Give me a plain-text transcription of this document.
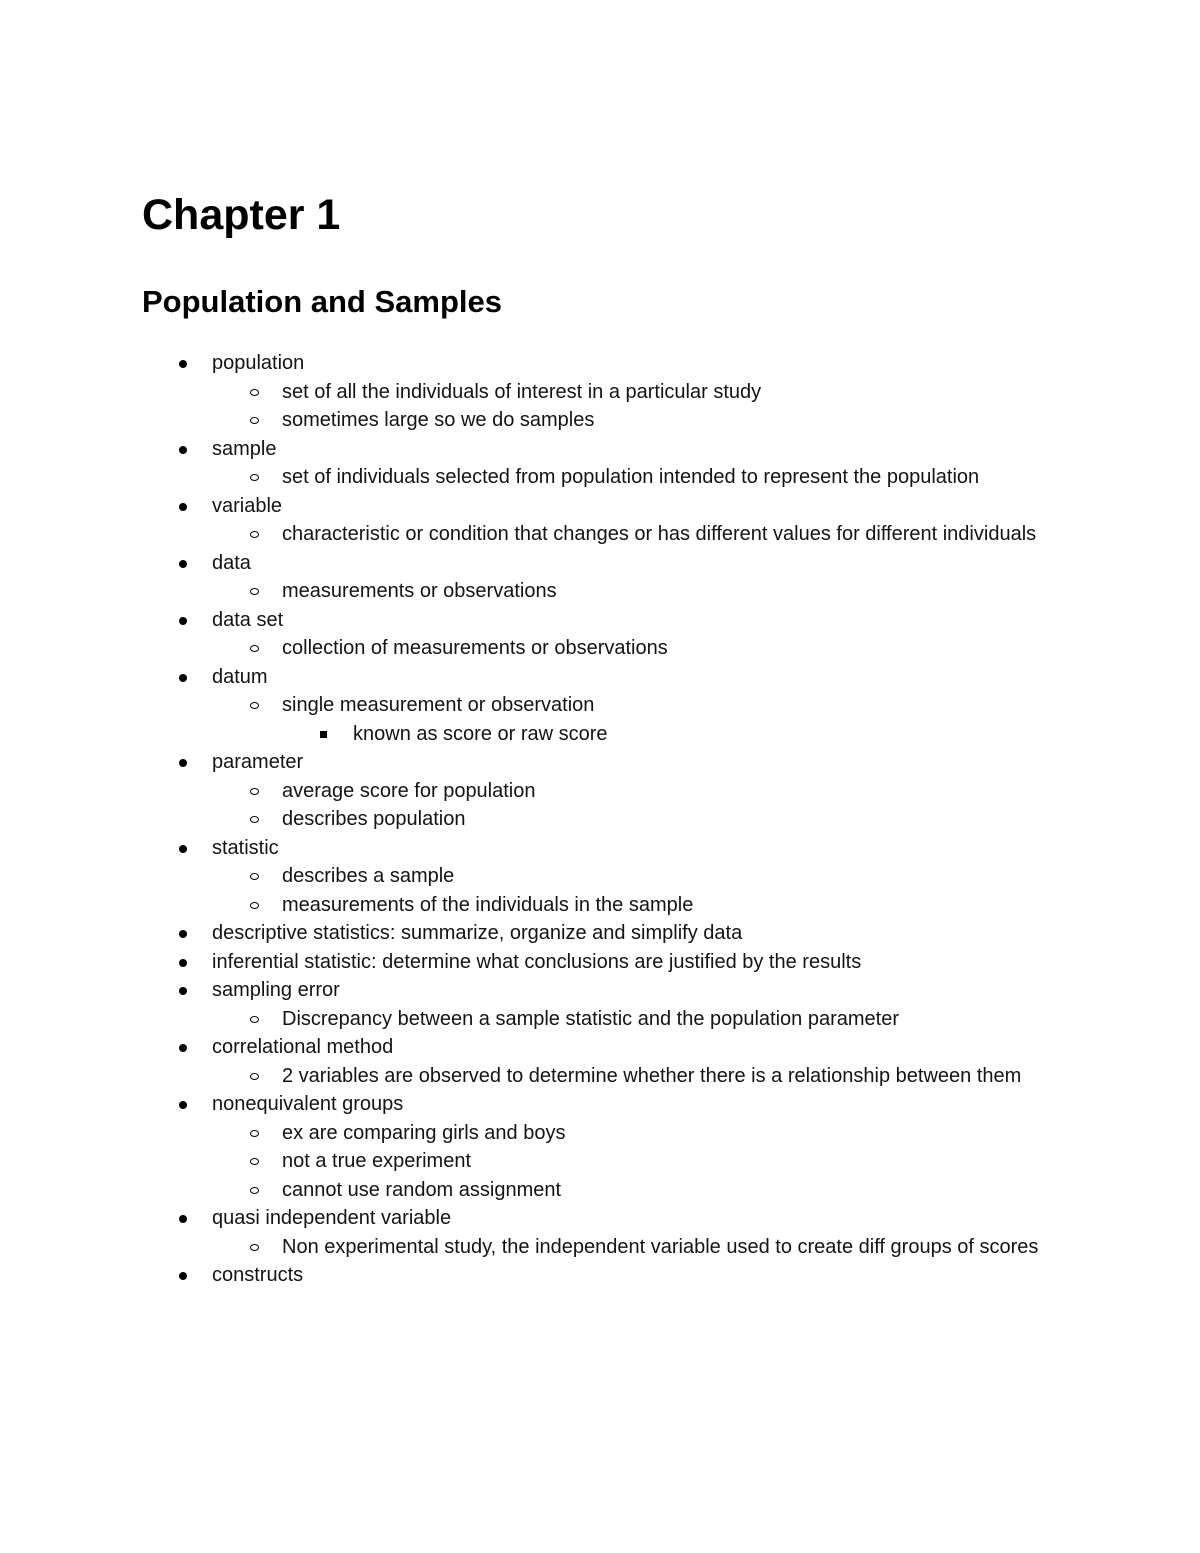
Chapter 1
Population and Samples
population
set of all the individuals of interest in a particular study
sometimes large so we do samples
sample
set of individuals selected from population intended to represent the population
variable
characteristic or condition that changes or has different values for different individuals
data
measurements or observations
data set
collection of measurements or observations
datum
single measurement or observation
known as score or raw score
parameter
average score for population
describes population
statistic
describes a sample
measurements of the individuals in the sample
descriptive statistics: summarize, organize and simplify data
inferential statistic: determine what conclusions are justified by the results
sampling error
Discrepancy between a sample statistic and the population parameter
correlational method
2 variables are observed to determine whether there is a relationship between them
nonequivalent groups
ex are comparing girls and boys
not a true experiment
cannot use random assignment
quasi independent variable
Non experimental study, the independent variable used to create diff groups of scores
constructs
